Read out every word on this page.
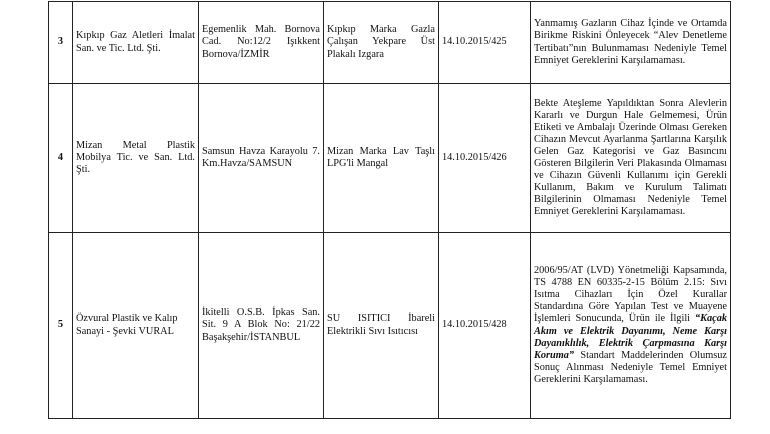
3	Kıpkıp Gaz Aletleri İmalat San. ve Tic. Ltd. Şti.	Egemenlik Mah. Bornova Cad. No:12/2 Işıkkent Bornova/İZMİR	Kıpkıp Marka Gazla Çalışan Yekpare Üst Plakalı Izgara	14.10.2015/425	Yanmamış Gazların Cihaz İçinde ve Ortamda Birikme Riskini Önleyecek “Alev Denetleme Tertibatı”nın Bulunmaması Nedeniyle Temel Emniyet Gereklerini Karşılamaması.
4	Mizan Metal Plastik Mobilya Tic. ve San. Ltd. Şti.	Samsun Havza Karayolu 7. Km.Havza/SAMSUN	Mizan Marka Lav Taşlı LPG'li Mangal	14.10.2015/426	Bekte Ateşleme Yapıldıktan Sonra Alevlerin Kararlı ve Durgun Hale Gelmemesi, Ürün Etiketi ve Ambalajı Üzerinde Olması Gereken Cihazın Mevcut Ayarlanma Şartlarına Karşılık Gelen Gaz Kategorisi ve Gaz Basıncını Gösteren Bilgilerin Veri Plakasında Olmaması ve Cihazın Güvenli Kullanımı için Gerekli Kullanım, Bakım ve Kurulum Talimatı Bilgilerinin Olmaması Nedeniyle Temel Emniyet Gereklerini Karşılamaması.
5	Özvural Plastik ve Kalıp Sanayi - Şevki VURAL	İkitelli O.S.B. İpkas San. Sit. 9 A Blok No: 21/22 Başakşehir/İSTANBUL	SU ISITICI İbareli Elektrikli Sıvı Isıtıcısı	14.10.2015/428	2006/95/AT (LVD) Yönetmeliği Kapsamında, TS 4788 EN 60335-2-15 Bölüm 2.15: Sıvı Isıtma Cihazları İçin Özel Kurallar Standardına Göre Yapılan Test ve Muayene İşlemleri Sonucunda, Ürün ile İlgili “Kaçak Akım ve Elektrik Dayanımı, Neme Karşı Dayanıklılık, Elektrik Çarpmasına Karşı Koruma” Standart Maddelerinden Olumsuz Sonuç Alınması Nedeniyle Temel Emniyet Gereklerini Karşılamaması.
